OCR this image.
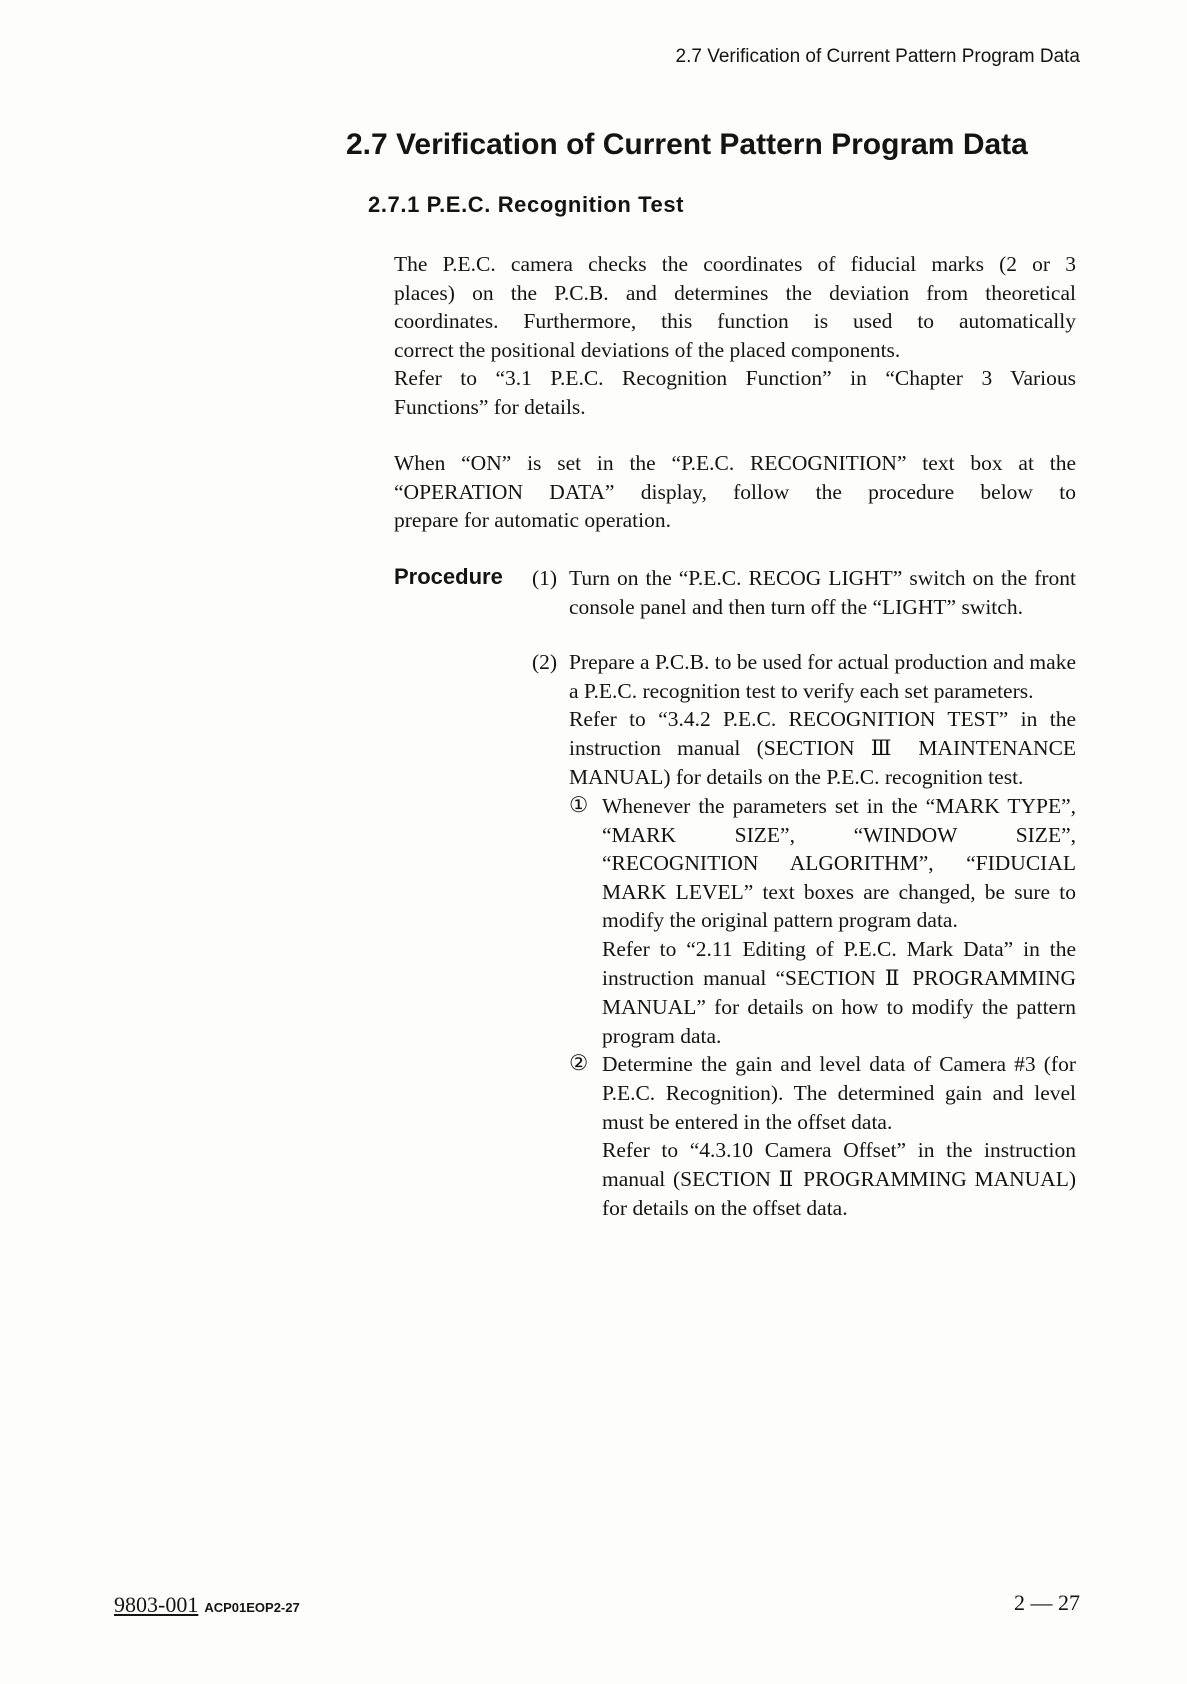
2.7 Verification of Current Pattern Program Data
2.7 Verification of Current Pattern Program Data
2.7.1 P.E.C. Recognition Test
The P.E.C. camera checks the coordinates of fiducial marks (2 or 3
places) on the P.C.B. and determines the deviation from theoretical
coordinates. Furthermore, this function is used to automatically
correct the positional deviations of the placed components.
Refer to “3.1 P.E.C. Recognition Function” in “Chapter 3 Various
Functions” for details.
When “ON” is set in the “P.E.C. RECOGNITION” text box at the
“OPERATION DATA” display, follow the procedure below to
prepare for automatic operation.
Procedure (1) Turn on the “P.E.C. RECOG LIGHT” switch on the front console panel and then turn off the “LIGHT” switch.
(2) Prepare a P.C.B. to be used for actual production and make a P.E.C. recognition test to verify each set parameters.
Refer to “3.4.2 P.E.C. RECOGNITION TEST” in the instruction manual (SECTION Ⅲ MAINTENANCE MANUAL) for details on the P.E.C. recognition test.
① Whenever the parameters set in the “MARK TYPE”, “MARK SIZE”, “WINDOW SIZE”, “RECOGNITION ALGORITHM”, “FIDUCIAL MARK LEVEL” text boxes are changed, be sure to modify the original pattern program data.
Refer to “2.11 Editing of P.E.C. Mark Data” in the instruction manual “SECTION Ⅱ PROGRAMMING MANUAL” for details on how to modify the pattern program data.
② Determine the gain and level data of Camera #3 (for P.E.C. Recognition). The determined gain and level must be entered in the offset data.
Refer to “4.3.10 Camera Offset” in the instruction manual (SECTION Ⅱ PROGRAMMING MANUAL) for details on the offset data.
9803-001 ACP01EOP2-27	2 — 27
